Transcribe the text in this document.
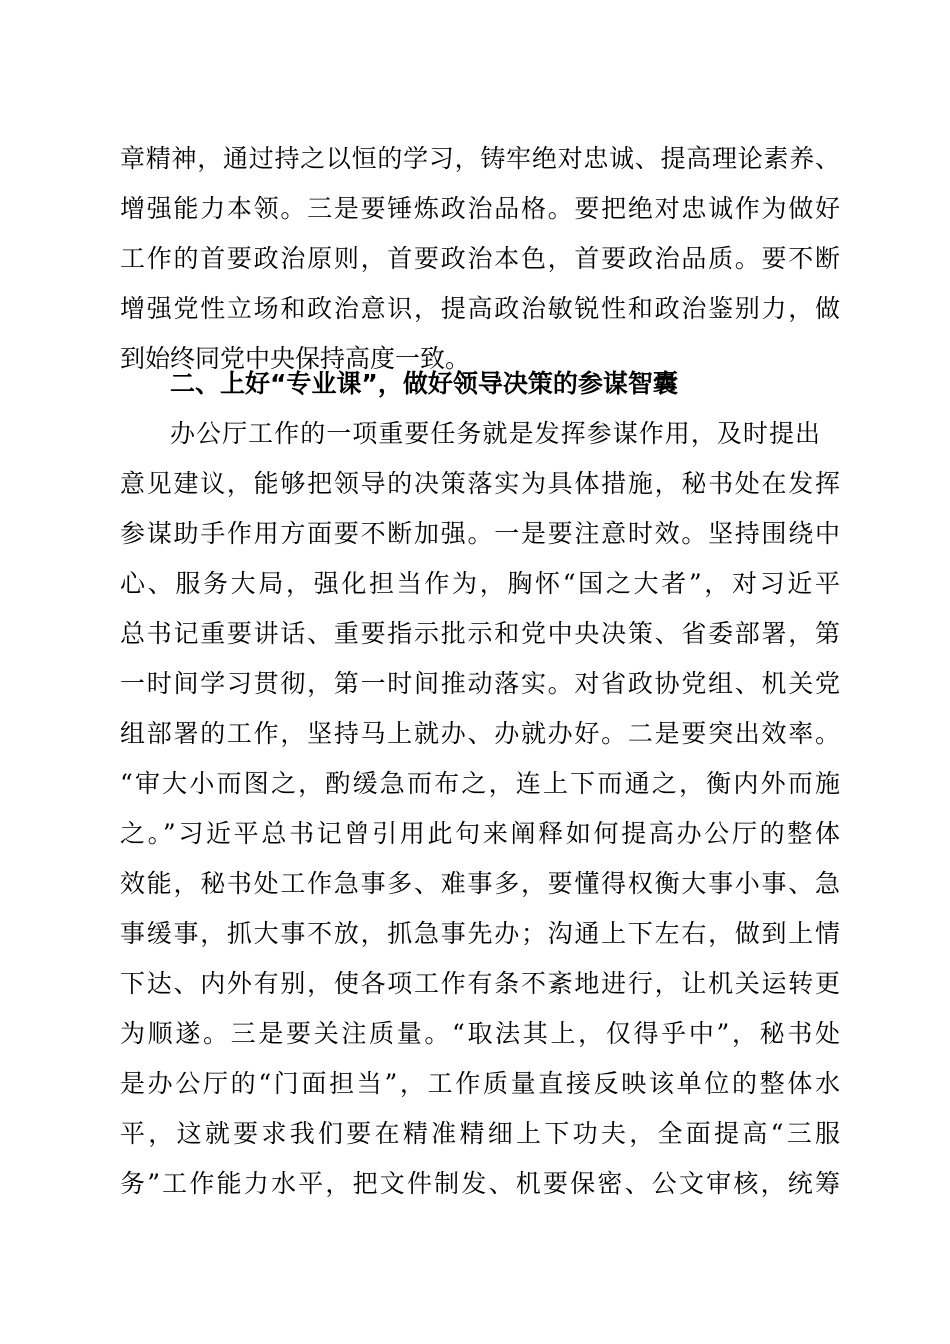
章精神，通过持之以恒的学习，铸牢绝对忠诚、提高理论素养、
增强能力本领。三是要锤炼政治品格。要把绝对忠诚作为做好
工作的首要政治原则，首要政治本色，首要政治品质。要不断
增强党性立场和政治意识，提高政治敏锐性和政治鉴别力，做
到始终同党中央保持高度一致。
二、上好“专业课”，做好领导决策的参谋智囊
办公厅工作的一项重要任务就是发挥参谋作用，及时提出
意见建议，能够把领导的决策落实为具体措施，秘书处在发挥
参谋助手作用方面要不断加强。一是要注意时效。坚持围绕中
心、服务大局，强化担当作为，胸怀“国之大者”，对习近平
总书记重要讲话、重要指示批示和党中央决策、省委部署，第
一时间学习贯彻，第一时间推动落实。对省政协党组、机关党
组部署的工作，坚持马上就办、办就办好。二是要突出效率。
“审大小而图之，酌缓急而布之，连上下而通之，衡内外而施
之。”习近平总书记曾引用此句来阐释如何提高办公厅的整体
效能，秘书处工作急事多、难事多，要懂得权衡大事小事、急
事缓事，抓大事不放，抓急事先办；沟通上下左右，做到上情
下达、内外有别，使各项工作有条不紊地进行，让机关运转更
为顺遂。三是要关注质量。“取法其上，仅得乎中”，秘书处
是办公厅的“门面担当”，工作质量直接反映该单位的整体水
平，这就要求我们要在精准精细上下功夫，全面提高“三服
务”工作能力水平，把文件制发、机要保密、公文审核，统筹
